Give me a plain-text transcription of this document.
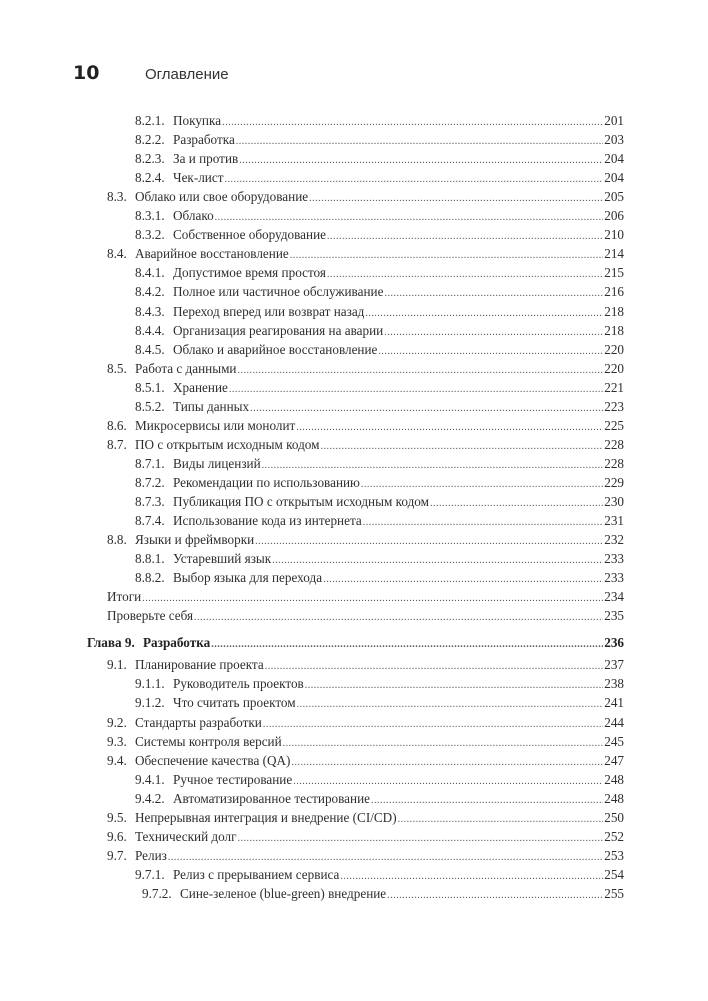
10	Оглавление
8.2.1. Покупка .....	201
8.2.2. Разработка .....	203
8.2.3. За и против .....	204
8.2.4. Чек-лист .....	204
8.3. Облако или свое оборудование .....	205
8.3.1. Облако .....	206
8.3.2. Собственное оборудование .....	210
8.4. Аварийное восстановление .....	214
8.4.1. Допустимое время простоя .....	215
8.4.2. Полное или частичное обслуживание .....	216
8.4.3. Переход вперед или возврат назад .....	218
8.4.4. Организация реагирования на аварии .....	218
8.4.5. Облако и аварийное восстановление .....	220
8.5. Работа с данными .....	220
8.5.1. Хранение .....	221
8.5.2. Типы данных .....	223
8.6. Микросервисы или монолит .....	225
8.7. ПО с открытым исходным кодом .....	228
8.7.1. Виды лицензий .....	228
8.7.2. Рекомендации по использованию .....	229
8.7.3. Публикация ПО с открытым исходным кодом .....	230
8.7.4. Использование кода из интернета .....	231
8.8. Языки и фреймворки .....	232
8.8.1. Устаревший язык .....	233
8.8.2. Выбор языка для перехода .....	233
Итоги .....	234
Проверьте себя .....	235
Глава 9. Разработка .....	236
9.1. Планирование проекта .....	237
9.1.1. Руководитель проектов .....	238
9.1.2. Что считать проектом .....	241
9.2. Стандарты разработки .....	244
9.3. Системы контроля версий .....	245
9.4. Обеспечение качества (QA) .....	247
9.4.1. Ручное тестирование .....	248
9.4.2. Автоматизированное тестирование .....	248
9.5. Непрерывная интеграция и внедрение (CI/CD) .....	250
9.6. Технический долг .....	252
9.7. Релиз .....	253
9.7.1. Релиз с прерыванием сервиса .....	254
9.7.2. Сине-зеленое (blue-green) внедрение .....	255
